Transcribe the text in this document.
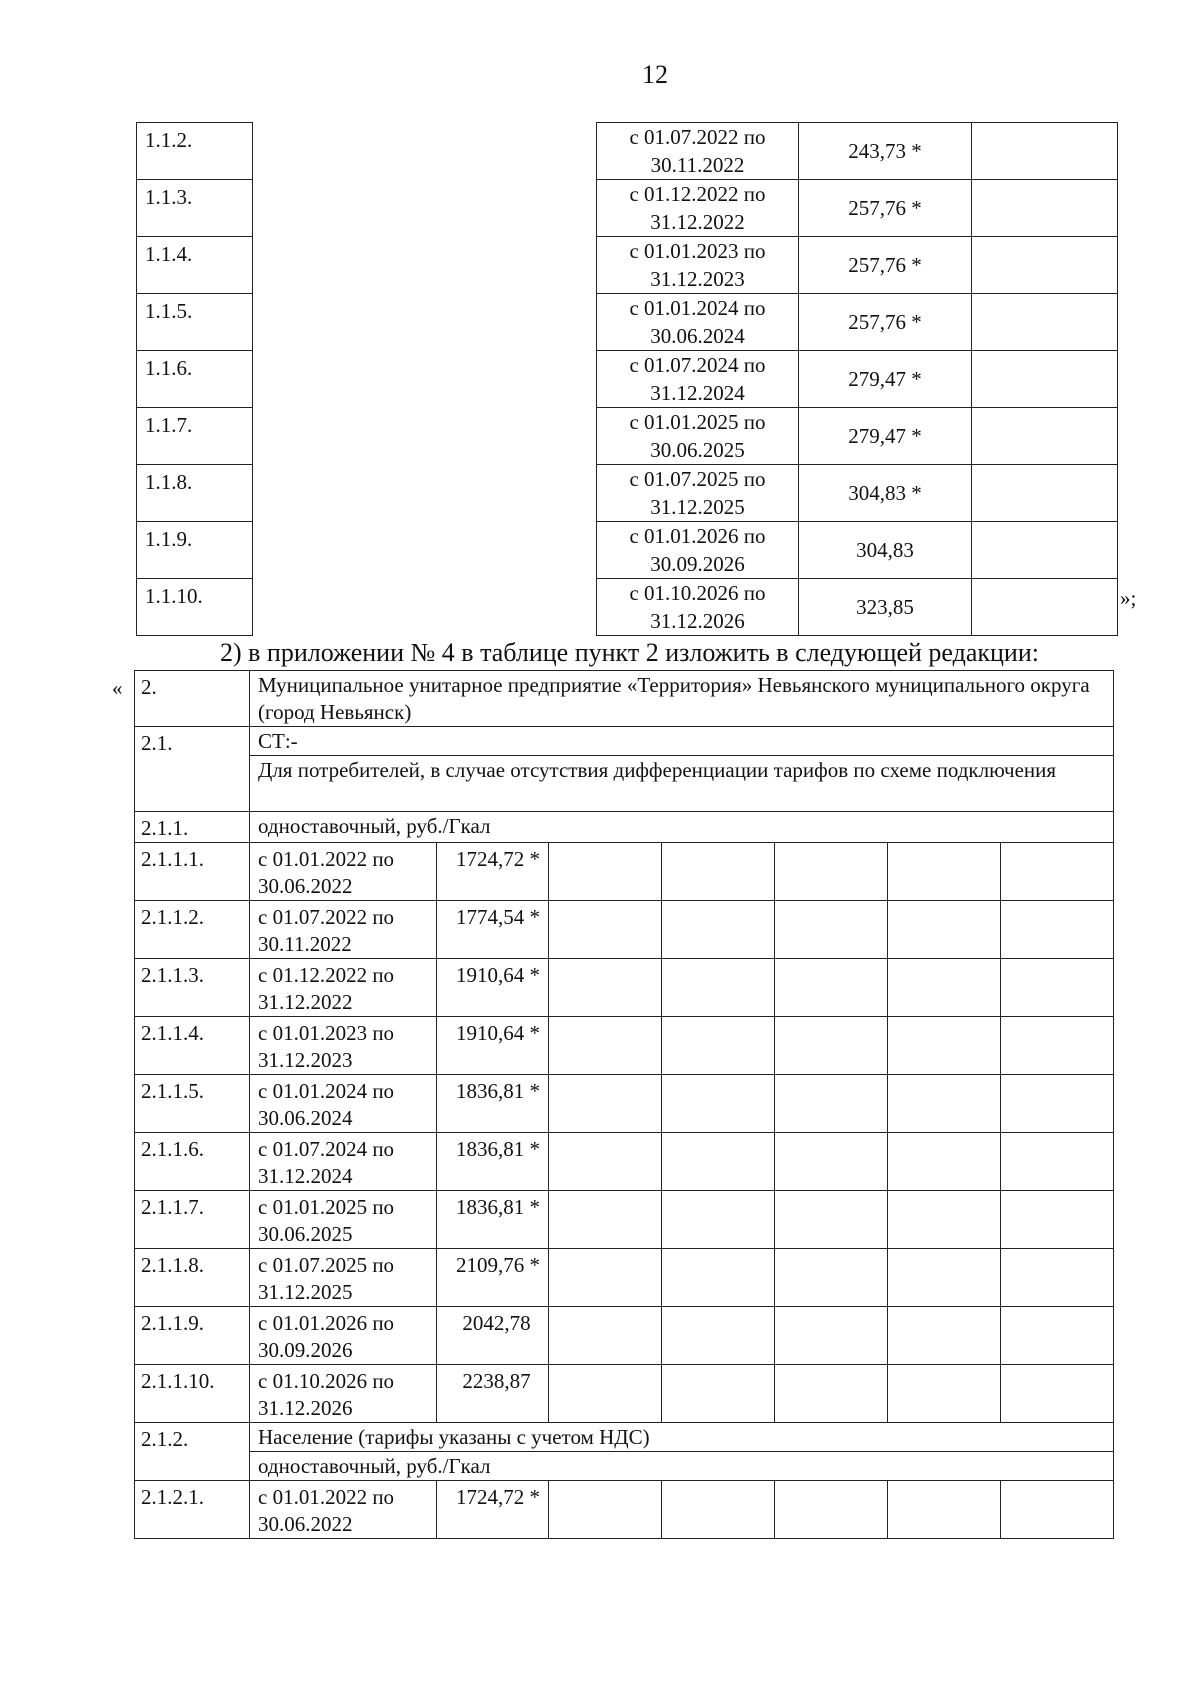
12
1.1.2.		с 01.07.2022 по
30.11.2022	243,73 *	
1.1.3.		с 01.12.2022 по
31.12.2022	257,76 *	
1.1.4.		с 01.01.2023 по
31.12.2023	257,76 *	
1.1.5.		с 01.01.2024 по
30.06.2024	257,76 *	
1.1.6.		с 01.07.2024 по
31.12.2024	279,47 *	
1.1.7.		с 01.01.2025 по
30.06.2025	279,47 *	
1.1.8.		с 01.07.2025 по
31.12.2025	304,83 *	
1.1.9.		с 01.01.2026 по
30.09.2026	304,83	
1.1.10.		с 01.10.2026 по
31.12.2026	323,85		»;
2) в приложении № 4 в таблице пункт 2 изложить в следующей редакции:
« 2.	Муниципальное унитарное предприятие «Территория» Невьянского муниципального округа (город Невьянск)						
2.1.	СТ:-						
	Для потребителей, в случае отсутствия дифференциации тарифов по схеме подключения						
2.1.1.	одноставочный, руб./Гкал						
2.1.1.1.	с 01.01.2022 по
30.06.2022	1724,72 *					
2.1.1.2.	с 01.07.2022 по
30.11.2022	1774,54 *					
2.1.1.3.	с 01.12.2022 по
31.12.2022	1910,64 *					
2.1.1.4.	с 01.01.2023 по
31.12.2023	1910,64 *					
2.1.1.5.	с 01.01.2024 по
30.06.2024	1836,81 *					
2.1.1.6.	с 01.07.2024 по
31.12.2024	1836,81 *					
2.1.1.7.	с 01.01.2025 по
30.06.2025	1836,81 *					
2.1.1.8.	с 01.07.2025 по
31.12.2025	2109,76 *					
2.1.1.9.	с 01.01.2026 по
30.09.2026	2042,78					
2.1.1.10.	с 01.10.2026 по
31.12.2026	2238,87					
2.1.2.	Население (тарифы указаны с учетом НДС)						
	одноставочный, руб./Гкал						
2.1.2.1.	с 01.01.2022 по
30.06.2022	1724,72 *					
